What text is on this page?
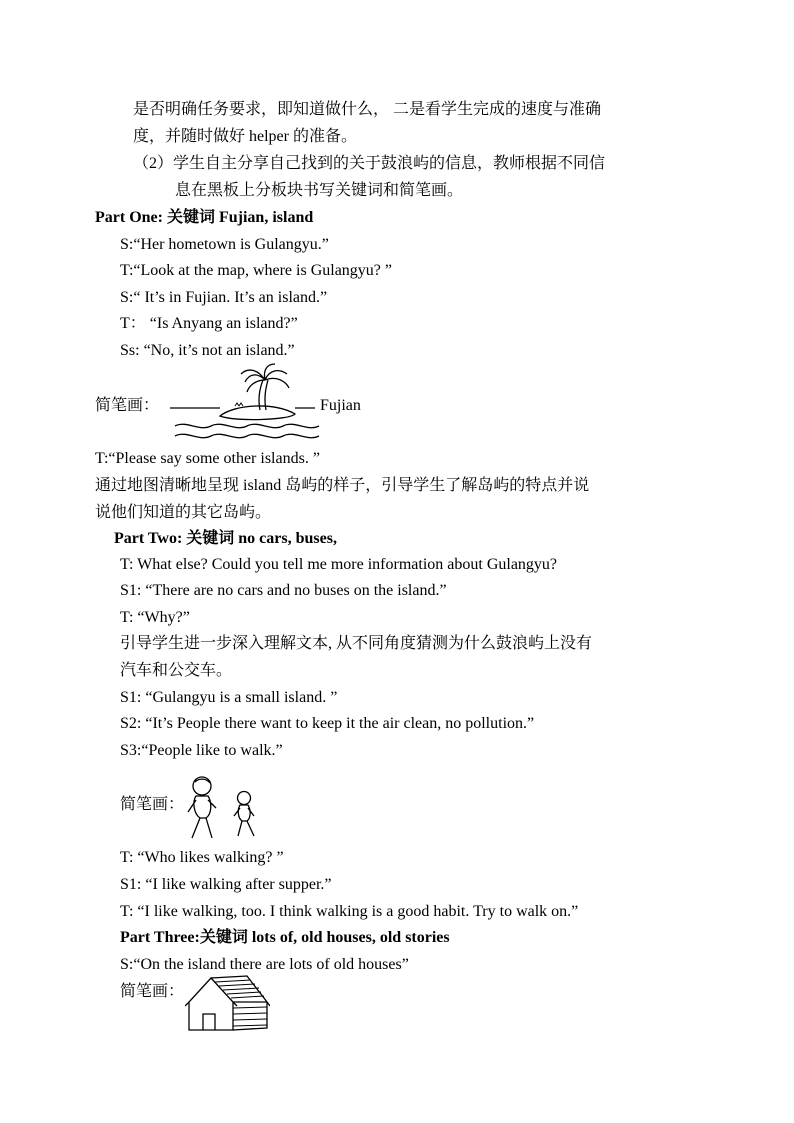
是否明确任务要求，即知道做什么， 二是看学生完成的速度与准确
度，并随时做好 helper 的准备。
（2）学生自主分享自己找到的关于鼓浪屿的信息，教师根据不同信
息在黑板上分板块书写关键词和简笔画。
Part One: 关键词 Fujian, island
S:“Her hometown is Gulangyu.”
T:“Look at the map, where is Gulangyu? ”
S:“ It’s in Fujian. It’s an island.”
T： “Is Anyang an island?”
Ss: “No, it’s not an island.”
简笔画：	Fujian
T:“Please say some other islands. ”
通过地图清晰地呈现 island 岛屿的样子，引导学生了解岛屿的特点并说
说他们知道的其它岛屿。
Part Two: 关键词 no cars, buses,
T: What else? Could you tell me more information about Gulangyu?
S1: “There are no cars and no buses on the island.”
T: “Why?”
引导学生进一步深入理解文本, 从不同角度猜测为什么鼓浪屿上没有
汽车和公交车。
S1: “Gulangyu is a small island. ”
S2: “It’s People there want to keep it the air clean, no pollution.”
S3:“People like to walk.”
简笔画：
T: “Who likes walking? ”
S1: “I like walking after supper.”
T: “I like walking, too. I think walking is a good habit. Try to walk on.”
Part Three:关键词 lots of, old houses, old stories
S:“On the island there are lots of old houses”
简笔画：
